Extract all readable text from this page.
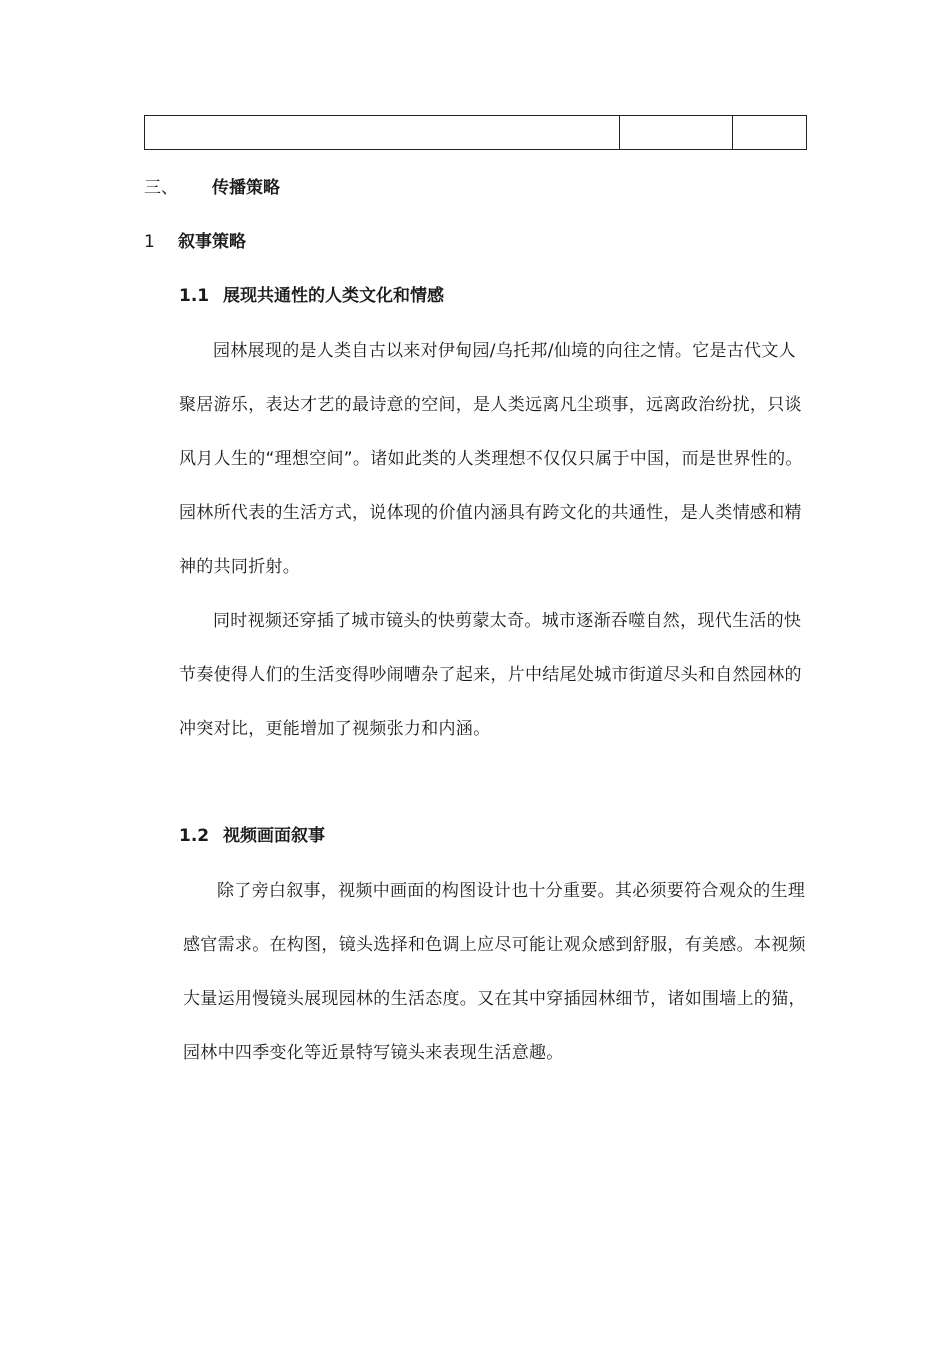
三、 传播策略
1 叙事策略
1.1 展现共通性的人类文化和情感

园林展现的是人类自古以来对伊甸园/乌托邦/仙境的向往之情。它是古代文人聚居游乐，表达才艺的最诗意的空间，是人类远离凡尘琐事，远离政治纷扰，只谈风月人生的“理想空间”。诸如此类的人类理想不仅仅只属于中国，而是世界性的。园林所代表的生活方式，说体现的价值内涵具有跨文化的共通性，是人类情感和精神的共同折射。

同时视频还穿插了城市镜头的快剪蒙太奇。城市逐渐吞噬自然，现代生活的快节奏使得人们的生活变得吵闹嘈杂了起来，片中结尾处城市街道尽头和自然园林的冲突对比，更能增加了视频张力和内涵。

1.2 视频画面叙事

除了旁白叙事，视频中画面的构图设计也十分重要。其必须要符合观众的生理感官需求。在构图，镜头选择和色调上应尽可能让观众感到舒服，有美感。本视频大量运用慢镜头展现园林的生活态度。又在其中穿插园林细节，诸如围墙上的猫，园林中四季变化等近景特写镜头来表现生活意趣。
